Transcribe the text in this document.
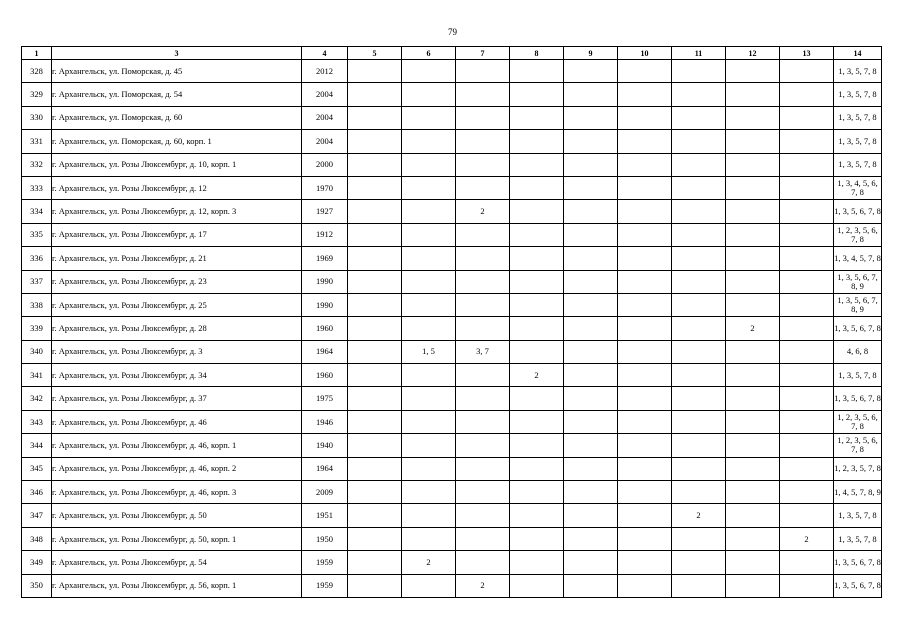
79
1	3	4	5	6	7	8	9	10	11	12	13	14
328	г. Архангельск, ул. Поморская, д. 45	2012										1, 3, 5, 7, 8
329	г. Архангельск, ул. Поморская, д. 54	2004										1, 3, 5, 7, 8
330	г. Архангельск, ул. Поморская, д. 60	2004										1, 3, 5, 7, 8
331	г. Архангельск, ул. Поморская, д. 60, корп. 1	2004										1, 3, 5, 7, 8
332	г. Архангельск, ул. Розы Люксембург, д. 10, корп. 1	2000										1, 3, 5, 7, 8
333	г. Архангельск, ул. Розы Люксембург, д. 12	1970										1, 3, 4, 5, 6, 7, 8
334	г. Архангельск, ул. Розы Люксембург, д. 12, корп. 3	1927			2							1, 3, 5, 6, 7, 8
335	г. Архангельск, ул. Розы Люксембург, д. 17	1912										1, 2, 3, 5, 6, 7, 8
336	г. Архангельск, ул. Розы Люксембург, д. 21	1969										1, 3, 4, 5, 7, 8
337	г. Архангельск, ул. Розы Люксембург, д. 23	1990										1, 3, 5, 6, 7, 8, 9
338	г. Архангельск, ул. Розы Люксембург, д. 25	1990										1, 3, 5, 6, 7, 8, 9
339	г. Архангельск, ул. Розы Люксембург, д. 28	1960								2		1, 3, 5, 6, 7, 8
340	г. Архангельск, ул. Розы Люксембург, д. 3	1964		1, 5	3, 7							4, 6, 8
341	г. Архангельск, ул. Розы Люксембург, д. 34	1960				2						1, 3, 5, 7, 8
342	г. Архангельск, ул. Розы Люксембург, д. 37	1975										1, 3, 5, 6, 7, 8
343	г. Архангельск, ул. Розы Люксембург, д. 46	1946										1, 2, 3, 5, 6, 7, 8
344	г. Архангельск, ул. Розы Люксембург, д. 46, корп. 1	1940										1, 2, 3, 5, 6, 7, 8
345	г. Архангельск, ул. Розы Люксембург, д. 46, корп. 2	1964										1, 2, 3, 5, 7, 8
346	г. Архангельск, ул. Розы Люксембург, д. 46, корп. 3	2009										1, 4, 5, 7, 8, 9
347	г. Архангельск, ул. Розы Люксембург, д. 50	1951							2			1, 3, 5, 7, 8
348	г. Архангельск, ул. Розы Люксембург, д. 50, корп. 1	1950									2	1, 3, 5, 7, 8
349	г. Архангельск, ул. Розы Люксембург, д. 54	1959		2								1, 3, 5, 6, 7, 8
350	г. Архангельск, ул. Розы Люксембург, д. 56, корп. 1	1959			2							1, 3, 5, 6, 7, 8
